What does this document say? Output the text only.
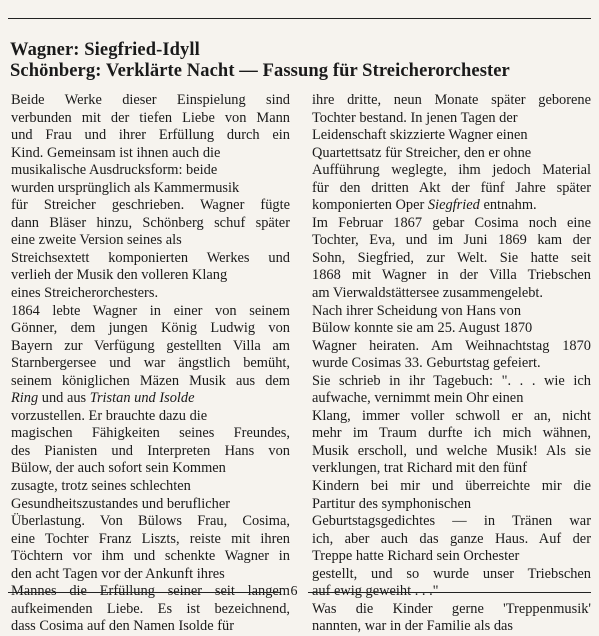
Wagner: Siegfried-Idyll
Schönberg: Verklärte Nacht — Fassung für Streicherorchester
Beide Werke dieser Einspielung sind
verbunden mit der tiefen Liebe von Mann
und Frau und ihrer Erfüllung durch ein
Kind. Gemeinsam ist ihnen auch die
musikalische Ausdrucksform: beide
wurden ursprünglich als Kammermusik
für Streicher geschrieben. Wagner fügte
dann Bläser hinzu, Schönberg schuf später
eine zweite Version seines als
Streichsextett komponierten Werkes und
verlieh der Musik den volleren Klang
eines Streicherorchesters.
1864 lebte Wagner in einer von seinem
Gönner, dem jungen König Ludwig von
Bayern zur Verfügung gestellten Villa am
Starnbergersee und war ängstlich bemüht,
seinem königlichen Mäzen Musik aus dem
Ring und aus Tristan und Isolde
vorzustellen. Er brauchte dazu die
magischen Fähigkeiten seines Freundes,
des Pianisten und Interpreten Hans von
Bülow, der auch sofort sein Kommen
zusagte, trotz seines schlechten
Gesundheitszustandes und beruflicher
Überlastung. Von Bülows Frau, Cosima,
eine Tochter Franz Liszts, reiste mit ihren
Töchtern vor ihm und schenkte Wagner in
den acht Tagen vor der Ankunft ihres
Mannes die Erfüllung seiner seit langem
aufkeimenden Liebe. Es ist bezeichnend,
dass Cosima auf den Namen Isolde für
ihre dritte, neun Monate später geborene
Tochter bestand. In jenen Tagen der
Leidenschaft skizzierte Wagner einen
Quartettsatz für Streicher, den er ohne
Aufführung weglegte, ihm jedoch Material
für den dritten Akt der fünf Jahre später
komponierten Oper Siegfried entnahm.
Im Februar 1867 gebar Cosima noch eine
Tochter, Eva, und im Juni 1869 kam der
Sohn, Siegfried, zur Welt. Sie hatte seit
1868 mit Wagner in der Villa Triebschen
am Vierwaldstättersee zusammengelebt.
Nach ihrer Scheidung von Hans von
Bülow konnte sie am 25. August 1870
Wagner heiraten. Am Weihnachtstag 1870
wurde Cosimas 33. Geburtstag gefeiert.
Sie schrieb in ihr Tagebuch: ". . . wie ich
aufwache, vernimmt mein Ohr einen
Klang, immer voller schwoll er an, nicht
mehr im Traum durfte ich mich wähnen,
Musik erscholl, und welche Musik! Als sie
verklungen, trat Richard mit den fünf
Kindern bei mir und überreichte mir die
Partitur des symphonischen
Geburtstagsgedichtes — in Tränen war
ich, aber auch das ganze Haus. Auf der
Treppe hatte Richard sein Orchester
gestellt, und so wurde unser Triebschen
auf ewig geweiht . . ."
Was die Kinder gerne 'Treppenmusik'
nannten, war in der Familie als das
6
